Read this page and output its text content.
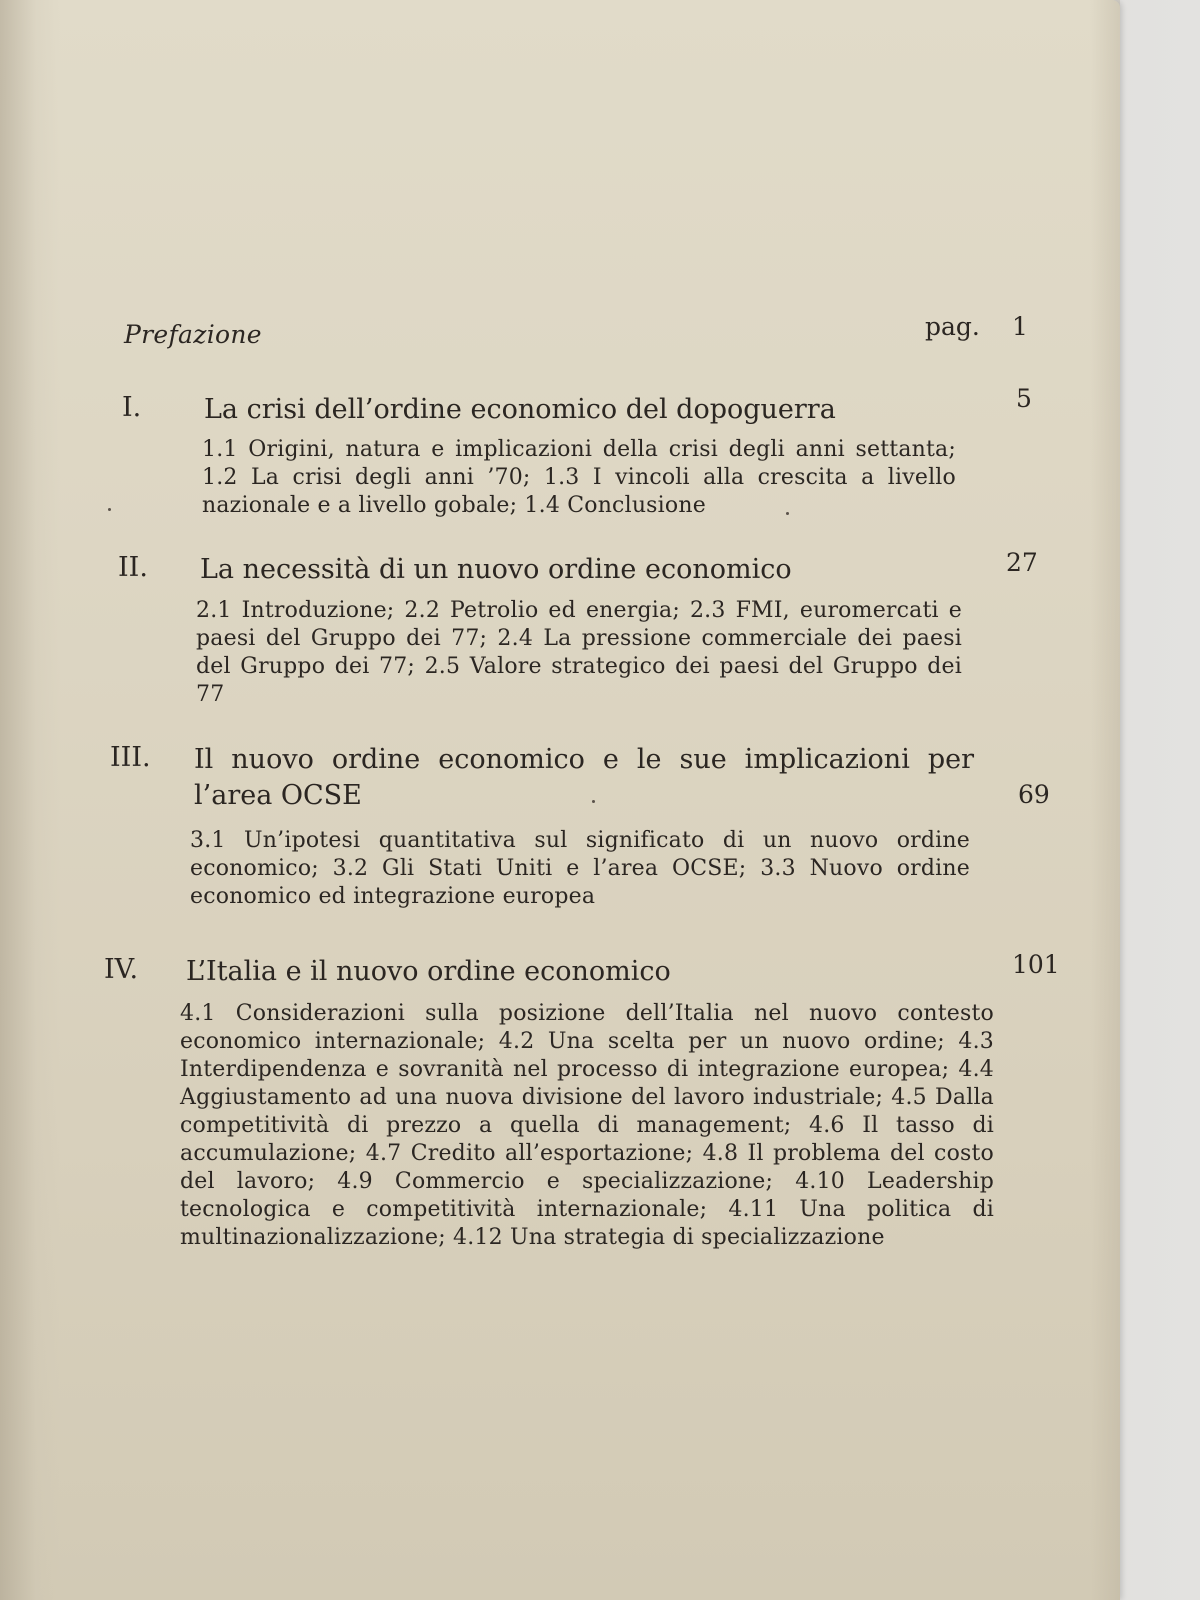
Prefazione	pag. 1
I. La crisi dell’ordine economico del dopoguerra	5
1.1 Origini, natura e implicazioni della crisi degli anni settanta; 1.2 La crisi degli anni ’70; 1.3 I vincoli alla crescita a livello nazionale e a livello gobale; 1.4 Conclusione
II. La necessità di un nuovo ordine economico	27
2.1 Introduzione; 2.2 Petrolio ed energia; 2.3 FMI, euromercati e paesi del Gruppo dei 77; 2.4 La pressione commerciale dei paesi del Gruppo dei 77; 2.5 Valore strategico dei paesi del Gruppo dei 77
III. Il nuovo ordine economico e le sue implicazioni per l’area OCSE	69
3.1 Un’ipotesi quantitativa sul significato di un nuovo ordine economico; 3.2 Gli Stati Uniti e l’area OCSE; 3.3 Nuovo ordine economico ed integrazione europea
IV. L’Italia e il nuovo ordine economico	101
4.1 Considerazioni sulla posizione dell’Italia nel nuovo contesto economico internazionale; 4.2 Una scelta per un nuovo ordine; 4.3 Interdipendenza e sovranità nel processo di integrazione europea; 4.4 Aggiustamento ad una nuova divisione del lavoro industriale; 4.5 Dalla competitività di prezzo a quella di management; 4.6 Il tasso di accumulazione; 4.7 Credito all’esportazione; 4.8 Il problema del costo del lavoro; 4.9 Commercio e specializzazione; 4.10 Leadership tecnologica e competitività internazionale; 4.11 Una politica di multinazionalizzazione; 4.12 Una strategia di specializzazione
